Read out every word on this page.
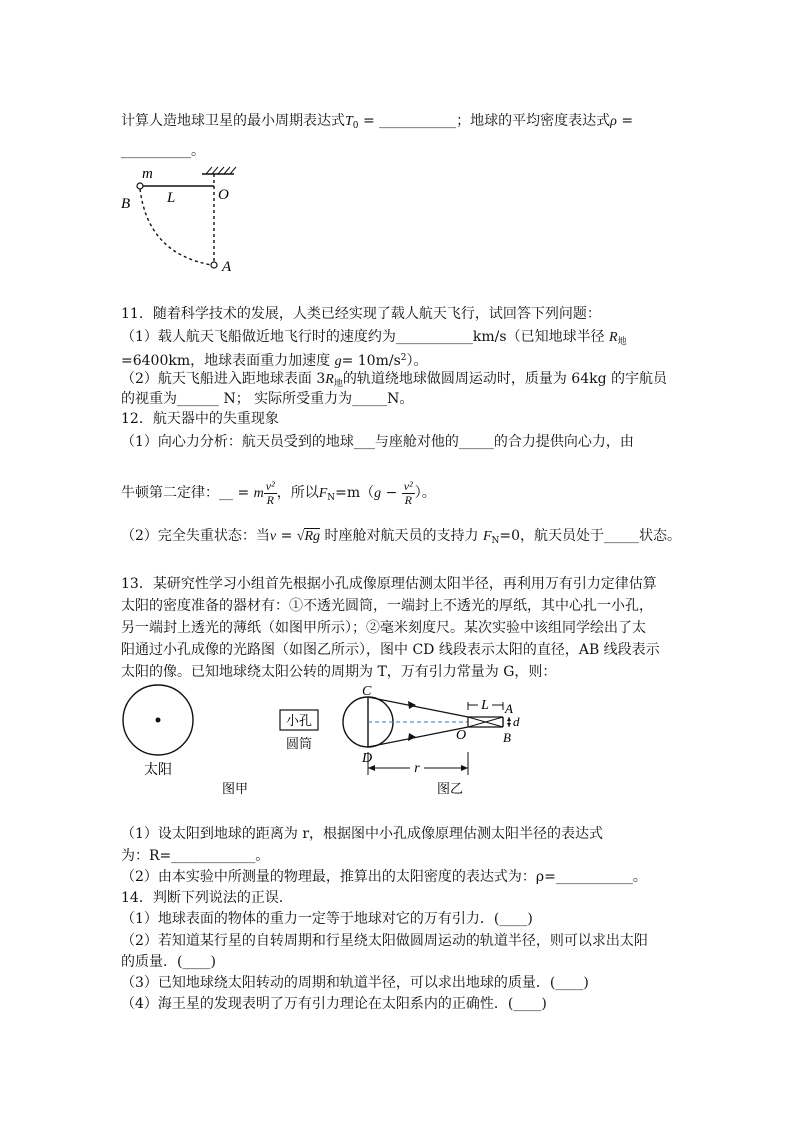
计算人造地球卫星的最小周期表达式$T_0$ = ___________；地球的平均密度表达式ρ =
__________。
m
L	O
B
A
11．随着科学技术的发展，人类已经实现了载人航天飞行，试回答下列问题：
（1）载人航天飞船做近地飞行时的速度约为___________km/s（已知地球半径 $R_地$
=6400km，地球表面重力加速度 $g= 10m/s^2$）。
（2）航天飞船进入距地球表面 $3R_地$的轨道绕地球做圆周运动时，质量为 64kg 的宇航员
的视重为______ N； 实际所受重力为_____N。
12．航天器中的失重现象
（1）向心力分析：航天员受到的地球___与座舱对他的_____的合力提供向心力，由
牛顿第二定律：__ = m $\frac{\text{v²}}{R}$ ，所以$F_N=m(g - \frac{\text{v²}}{R}$ ）。
（2）完全失重状态：当v = √Rg 时座舱对航天员的支持力 $F_N=0$，航天员处于_____状态。
13．某研究性学习小组首先根据小孔成像原理估测太阳半径，再利用万有引力定律估算
太阳的密度准备的器材有：①不透光圆筒，一端封上不透光的厚纸，其中心扎一小孔，
另一端封上透光的薄纸（如图甲所示）；②毫米刻度尺。某次实验中该组同学绘出了太
阳通过小孔成像的光路图（如图乙所示），图中 CD 线段表示太阳的直径，AB 线段表示
太阳的像。已知地球绕太阳公转的周期为 T，万有引力常量为 G，则：
太阳
小孔
圆筒
图甲
C
D
O
L A
B
d
r
图乙
（1）设太阳到地球的距离为 r，根据图中小孔成像原理估测太阳半径的表达式
为：R=____________。
（2）由本实验中所测量的物理最，推算出的太阳密度的表达式为：ρ=___________。
14．判断下列说法的正误．
（1）地球表面的物体的重力一定等于地球对它的万有引力．(____)
（2）若知道某行星的自转周期和行星绕太阳做圆周运动的轨道半径，则可以求出太阳
的质量．(____)
（3）已知地球绕太阳转动的周期和轨道半径，可以求出地球的质量．(____)
（4）海王星的发现表明了万有引力理论在太阳系内的正确性．(____)
